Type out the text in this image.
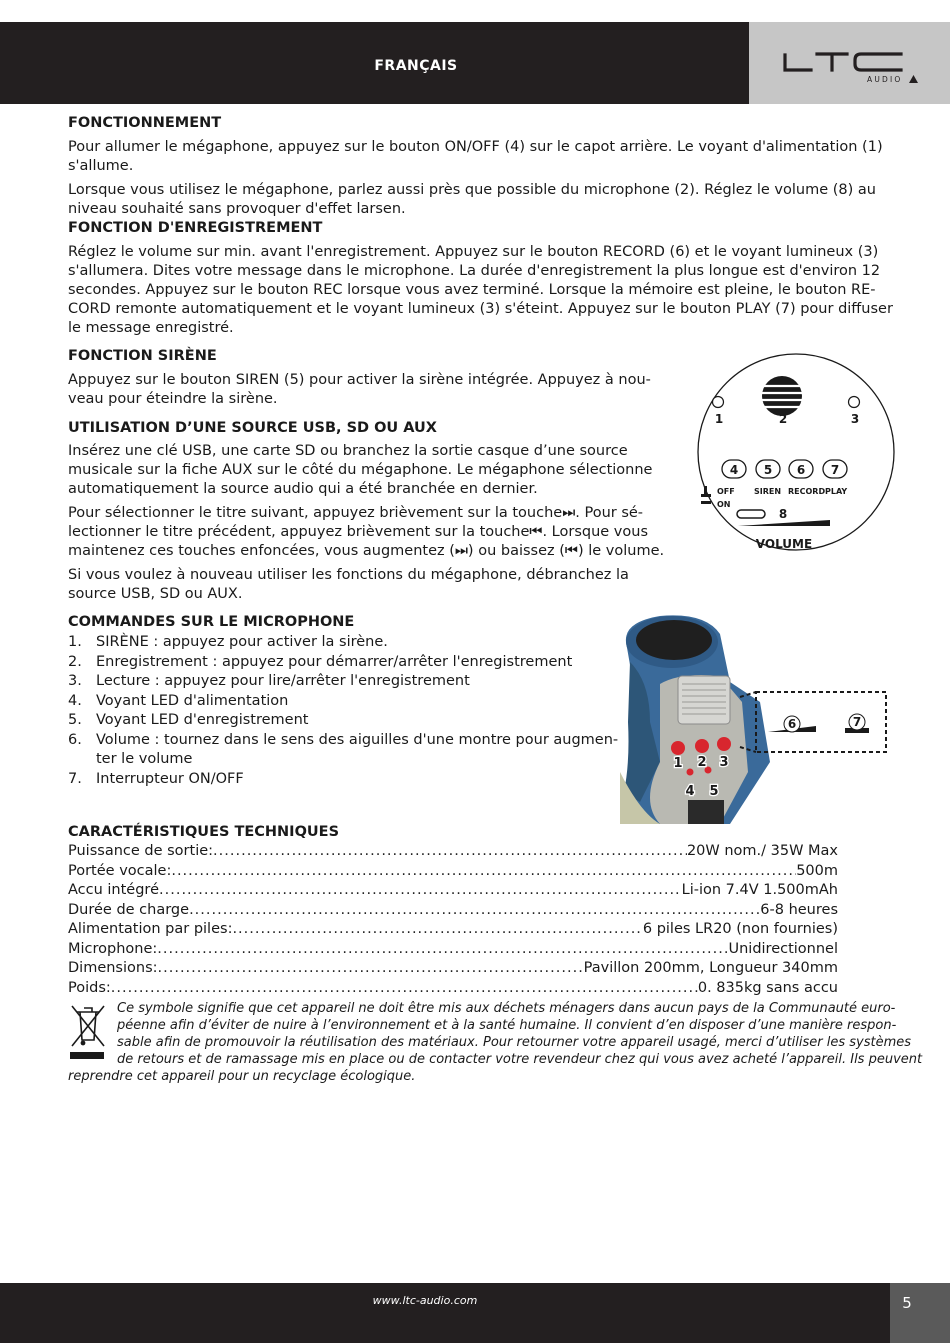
FRANÇAIS
AUDIO
FONCTIONNEMENT
Pour allumer le mégaphone, appuyez sur le bouton ON/OFF (4) sur le capot arrière. Le voyant d'alimentation (1)
s'allume.
Lorsque vous utilisez le mégaphone, parlez aussi près que possible du microphone (2). Réglez le volume (8) au
niveau souhaité sans provoquer d'effet larsen.
FONCTION D'ENREGISTREMENT
Réglez le volume sur min. avant l'enregistrement. Appuyez sur le bouton RECORD (6) et le voyant lumineux (3)
s'allumera. Dites votre message dans le microphone. La durée d'enregistrement la plus longue est d'environ 12
secondes. Appuyez sur le bouton REC lorsque vous avez terminé. Lorsque la mémoire est pleine, le bouton RE-
CORD remonte automatiquement et le voyant lumineux (3) s'éteint. Appuyez sur le bouton PLAY (7) pour diffuser
le message enregistré.
FONCTION SIRÈNE
Appuyez sur le bouton SIREN (5) pour activer la sirène intégrée. Appuyez à nou-
veau pour éteindre la sirène.
UTILISATION D’UNE SOURCE USB, SD OU AUX
Insérez une clé USB, une carte SD ou branchez la sortie casque d’une source
musicale sur la fiche AUX sur le côté du mégaphone. Le mégaphone sélectionne
automatiquement la source audio qui a été branchée en dernier.
Pour sélectionner le titre suivant, appuyez brièvement sur la touche⏭. Pour sé-
lectionner le titre précédent, appuyez brièvement sur la touche⏮. Lorsque vous
maintenez ces touches enfoncées, vous augmentez (⏭) ou baissez (⏮) le volume.
Si vous voulez à nouveau utiliser les fonctions du mégaphone, débranchez la
source USB, SD ou AUX.
1	2	3
4 5 6 7
OFF
ON
SIREN RECORD PLAY
8
VOLUME
COMMANDES SUR LE MICROPHONE
1. SIRÈNE : appuyez pour activer la sirène.
2. Enregistrement : appuyez pour démarrer/arrêter l'enregistrement
3. Lecture : appuyez pour lire/arrêter l'enregistrement
4. Voyant LED d'alimentation
5. Voyant LED d'enregistrement
6. Volume : tournez dans le sens des aiguilles d'une montre pour augmen-
ter le volume
7. Interrupteur ON/OFF
1 2 3
4 5
6	7
CARACTÉRISTIQUES TECHNIQUES
Puissance de sortie: .....	20W nom./ 35W Max
Portée vocale: .....	500m
Accu intégré .....	Li-ion 7.4V 1.500mAh
Durée de charge .....	6-8 heures
Alimentation par piles: .....	6 piles LR20 (non fournies)
Microphone: .....	Unidirectionnel
Dimensions: .....	Pavillon 200mm, Longueur 340mm
Poids: .....	0. 835kg sans accu
Ce symbole signifie que cet appareil ne doit être mis aux déchets ménagers dans aucun pays de la Communauté euro-
péenne afin d’éviter de nuire à l’environnement et à la santé humaine. Il convient d’en disposer d’une manière respon-
sable afin de promouvoir la réutilisation des matériaux. Pour retourner votre appareil usagé, merci d’utiliser les systèmes
de retours et de ramassage mis en place ou de contacter votre revendeur chez qui vous avez acheté l’appareil. Ils peuvent
reprendre cet appareil pour un recyclage écologique.
www.ltc-audio.com	5
